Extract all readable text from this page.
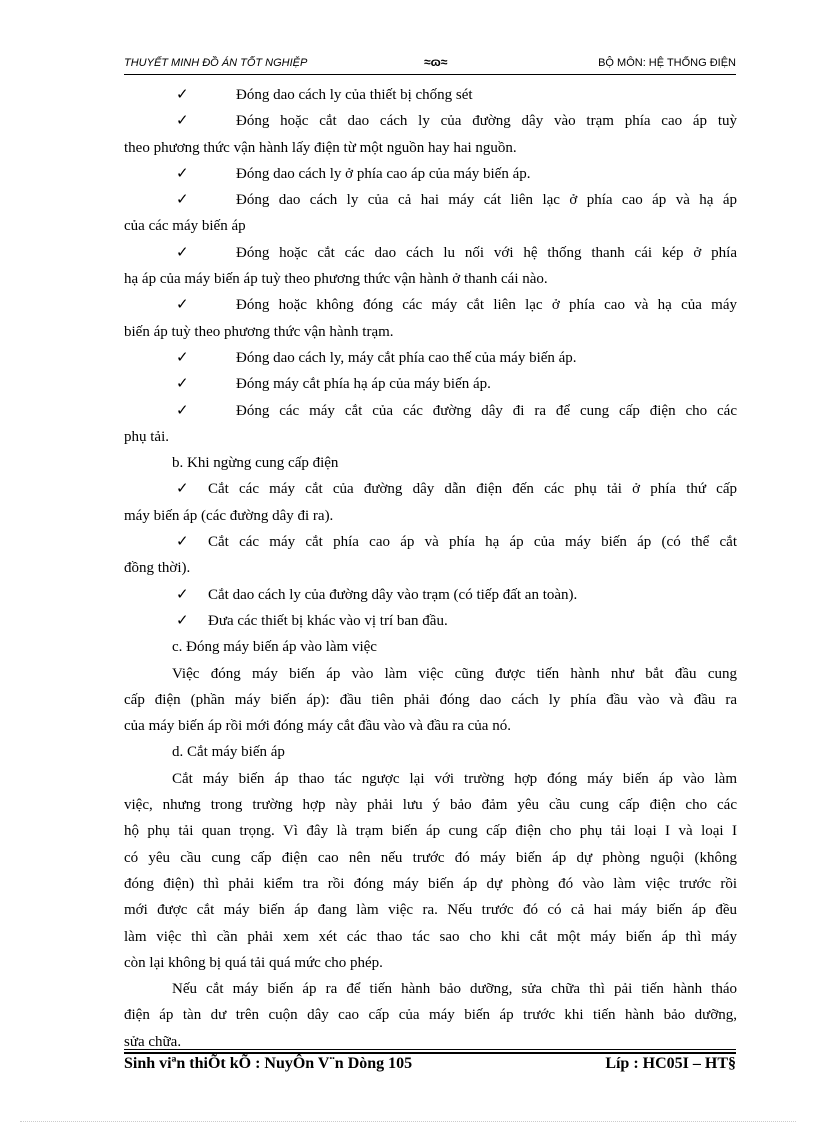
THUYẾT MINH ĐỒ ÁN TỐT NGHIỆP	≈ɷ≈	BỘ MÔN: HỆ THỐNG ĐIỆN
✓	Đóng dao cách ly của thiết bị chống sét
✓	Đóng hoặc cắt dao cách ly của đường dây vào trạm phía cao áp tuỳ
theo phương thức vận hành lấy điện từ một nguồn hay hai nguồn.
✓	Đóng dao cách ly ở phía cao áp của máy biến áp.
✓	Đóng dao cách ly của cả hai máy cát liên lạc ở phía cao áp và hạ áp
của các máy biến áp
✓	Đóng hoặc cắt các dao cách lu nối với hệ thống thanh cái kép ở phía
hạ áp của máy biến áp tuỳ theo phương thức vận hành ở thanh cái nào.
✓	Đóng hoặc không đóng các máy cắt liên lạc ở phía cao và hạ của máy
biến áp tuỳ theo phương thức vận hành trạm.
✓	Đóng dao cách ly, máy cắt phía cao thế của máy biến áp.
✓	Đóng máy cắt phía hạ áp của máy biến áp.
✓	Đóng các máy cắt của các đường dây đi ra để cung cấp điện cho các
phụ tải.
b. Khi ngừng cung cấp điện
✓ Cắt các máy cắt của đường dây dẫn điện đến các phụ tải ở phía thứ cấp
máy biến áp (các đường dây đi ra).
✓ Cắt các máy cắt phía cao áp và phía hạ áp của máy biến áp (có thể cắt
đồng thời).
✓ Cắt dao cách ly của đường dây vào trạm (có tiếp đất an toàn).
✓ Đưa các thiết bị khác vào vị trí ban đầu.
c. Đóng máy biến áp vào làm việc
Việc đóng máy biến áp vào làm việc cũng được tiến hành như bắt đầu cung
cấp điện (phần máy biến áp): đầu tiên phải đóng dao cách ly phía đầu vào và đầu ra
của máy biến áp rồi mới đóng máy cắt đầu vào và đầu ra của nó.
d. Cắt máy biến áp
Cắt máy biến áp thao tác ngược lại với trường hợp đóng máy biến áp vào làm
việc, nhưng trong trường hợp này phải lưu ý bảo đảm yêu cầu cung cấp điện cho các
hộ phụ tải quan trọng. Vì đây là trạm biến áp cung cấp điện cho phụ tải loại I và loại I
có yêu cầu cung cấp điện cao nên nếu trước đó máy biến áp dự phòng nguội (không
đóng điện) thì phải kiểm tra rồi đóng máy biến áp dự phòng đó vào làm việc trước rồi
mới được cắt máy biến áp đang làm việc ra. Nếu trước đó có cả hai máy biến áp đều
làm việc thì cần phải xem xét các thao tác sao cho khi cắt một máy biến áp thì máy
còn lại không bị quá tải quá mức cho phép.
Nếu cắt máy biến áp ra để tiến hành bảo dưỡng, sửa chữa thì pải tiến hành tháo
điện áp tàn dư trên cuộn dây cao cấp của máy biến áp trước khi tiến hành bảo dưỡng,
sửa chữa.
Sinh viªn thiÕt kÕ : NuyÔn V¨n Dòng 105	Líp : HC05I – HT§
